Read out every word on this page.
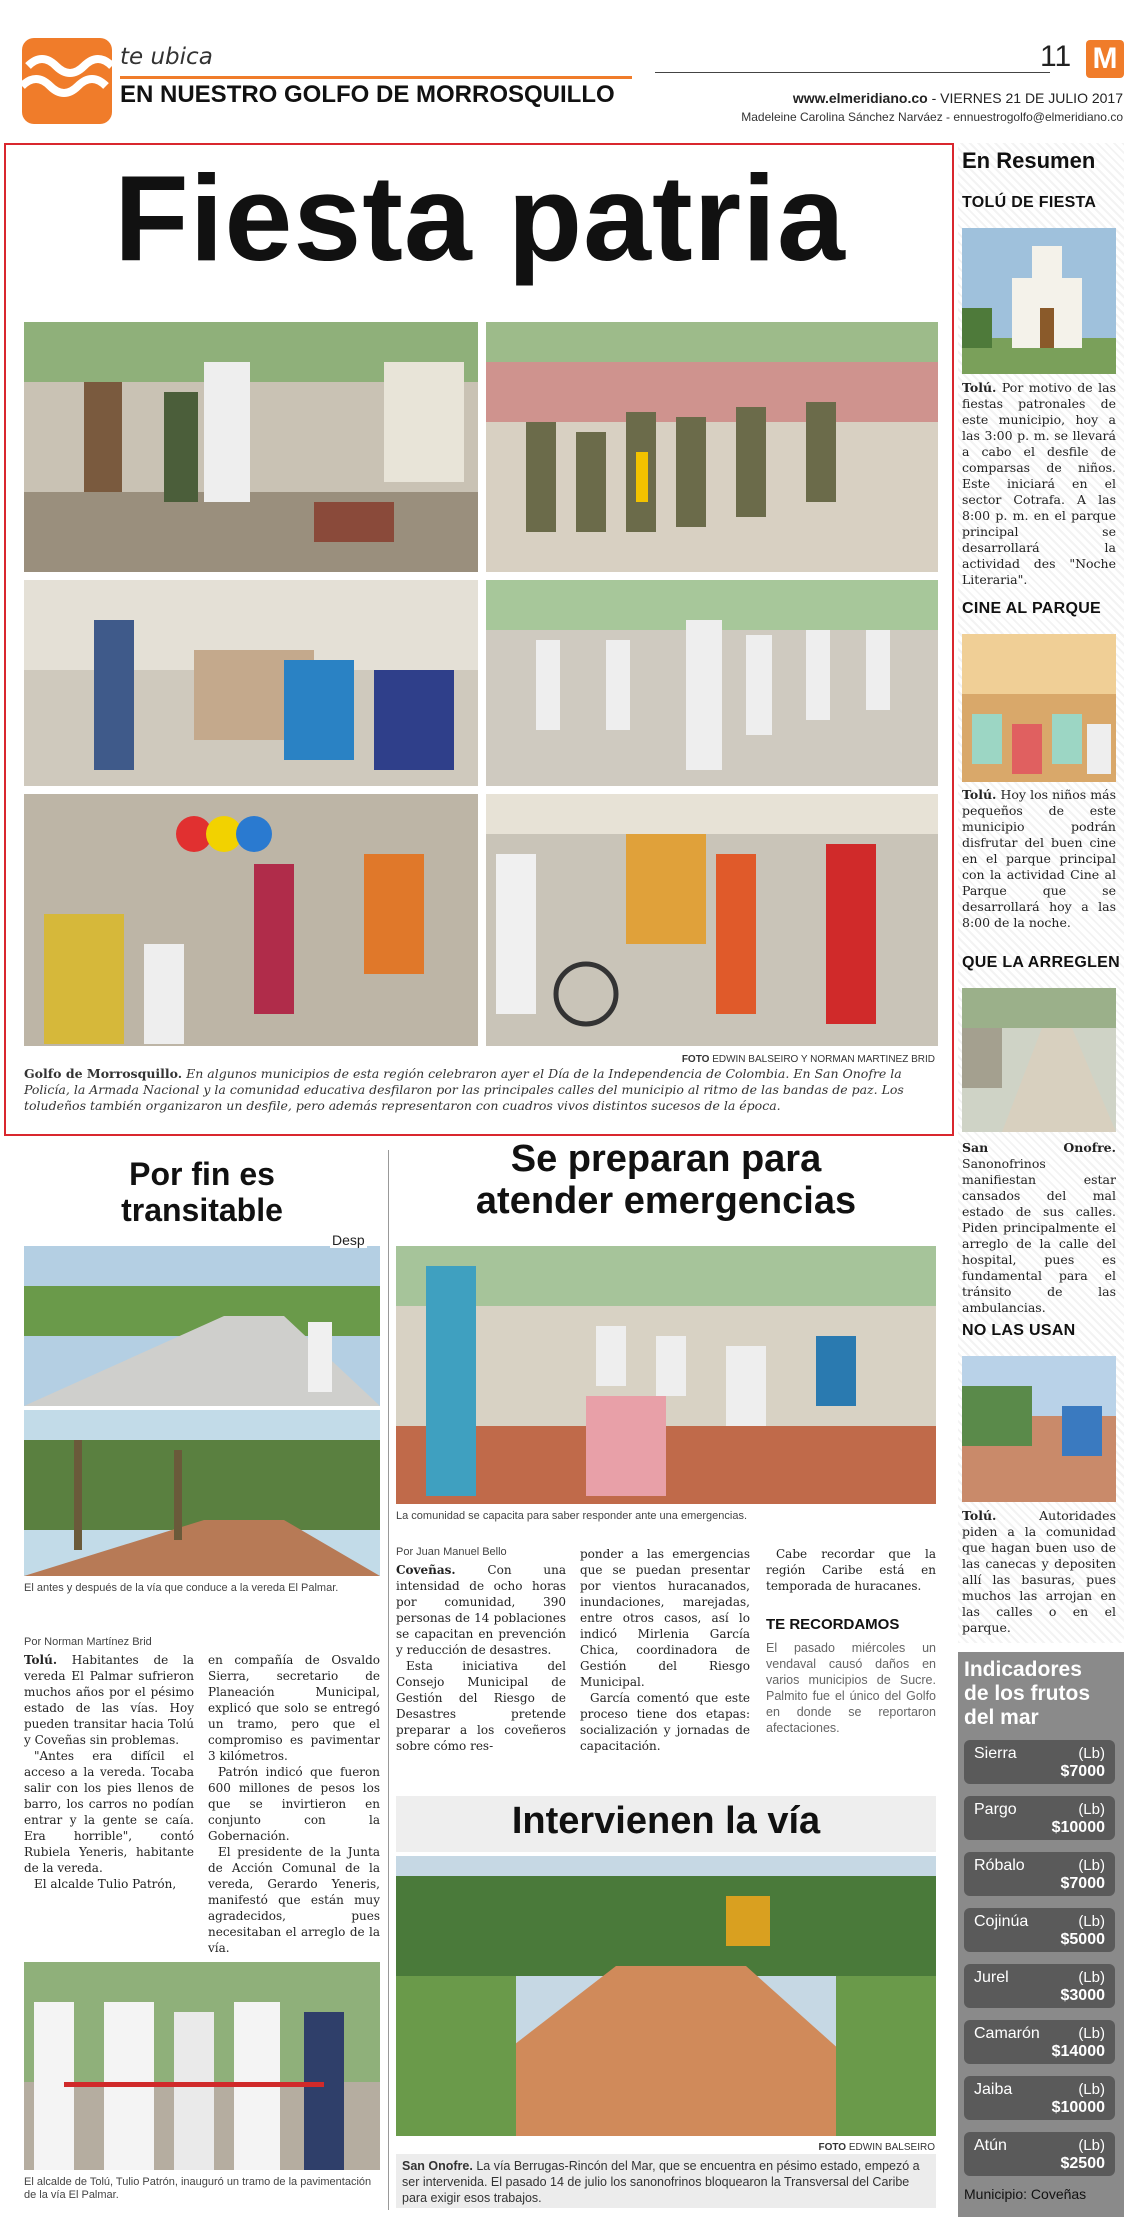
te ubica
EN NUESTRO GOLFO DE MORROSQUILLO
11 M
www.elmeridiano.co - VIERNES 21 DE JULIO 2017
Madeleine Carolina Sánchez Narváez - ennuestrogolfo@elmeridiano.co
Fiesta patria
FOTO EDWIN BALSEIRO Y NORMAN MARTINEZ BRID
Golfo de Morrosquillo. En algunos municipios de esta región celebraron ayer el Día de la Independencia de Colombia. En San Onofre la Policía, la Armada Nacional y la comunidad educativa desfilaron por las principales calles del municipio al ritmo de las bandas de paz. Los toludeños también organizaron un desfile, pero además representaron con cuadros vivos distintos sucesos de la época.
En Resumen
TOLÚ DE FIESTA
Tolú. Por motivo de las fiestas patronales de este municipio, hoy a las 3:00 p. m. se llevará a cabo el desfile de comparsas de niños. Este iniciará en el sector Cotrafa. A las 8:00 p. m. en el parque principal se desarrollará la actividad des "Noche Literaria".
CINE AL PARQUE
Tolú. Hoy los niños más pequeños de este municipio podrán disfrutar del buen cine en el parque principal con la actividad Cine al Parque que se desarrollará hoy a las 8:00 de la noche.
QUE LA ARREGLEN
San Onofre. Sanonofrinos manifiestan estar cansados del mal estado de sus calles. Piden principalmente el arreglo de la calle del hospital, pues es fundamental para el tránsito de las ambulancias.
NO LAS USAN
Tolú. Autoridades piden a la comunidad que hagan buen uso de las canecas y depositen allí las basuras, pues muchos las arrojan en las calles o en el parque.
Indicadores
de los frutos
del mar
Sierra	(Lb)
$7000
Pargo	(Lb)
$10000
Róbalo	(Lb)
$7000
Cojinúa	(Lb)
$5000
Jurel	(Lb)
$3000
Camarón	(Lb)
$14000
Jaiba	(Lb)
$10000
Atún	(Lb)
$2500
Municipio: Coveñas
Por fin es
transitable
Desp
El antes y después de la vía que conduce a la vereda El Palmar.
Por Norman Martínez Brid

Tolú. Habitantes de la vereda El Palmar sufrieron muchos años por el pésimo estado de las vías. Hoy pueden transitar hacia Tolú y Coveñas sin problemas.

"Antes era difícil el acceso a la vereda. Tocaba salir con los pies llenos de barro, los carros no podían entrar y la gente se caía. Era horrible", contó Rubiela Yeneris, habitante de la vereda.

El alcalde Tulio Patrón,

en compañía de Osvaldo Sierra, secretario de Planeación Municipal, explicó que solo se entregó un tramo, pero que el compromiso es pavimentar 3 kilómetros.

Patrón indicó que fueron 600 millones de pesos los que se invirtieron en conjunto con la Gobernación.

El presidente de la Junta de Acción Comunal de la vereda, Gerardo Yeneris, manifestó que están muy agradecidos, pues necesitaban el arreglo de la vía.

El alcalde de Tolú, Tulio Patrón, inauguró un tramo de la pavimentación de la vía El Palmar.
Se preparan para
atender emergencias
La comunidad se capacita para saber responder ante una emergencias.
Por Juan Manuel Bello

Coveñas. Con una intensidad de ocho horas por comunidad, 390 personas de 14 poblaciones se capacitan en prevención y reducción de desastres.

Esta iniciativa del Consejo Municipal de Gestión del Riesgo de Desastres pretende preparar a los coveñeros sobre cómo res-

ponder a las emergencias que se puedan presentar por vientos huracanados, inundaciones, marejadas, entre otros casos, así lo indicó Mirlenia García Chica, coordinadora de Gestión del Riesgo Municipal.

García comentó que este proceso tiene dos etapas: socialización y jornadas de capacitación.

Cabe recordar que la región Caribe está en temporada de huracanes.

TE RECORDAMOS
El pasado miércoles un vendaval causó daños en varios municipios de Sucre. Palmito fue el único del Golfo en donde se reportaron afectaciones.
Intervienen la vía
FOTO EDWIN BALSEIRO
San Onofre. La vía Berrugas-Rincón del Mar, que se encuentra en pésimo estado, empezó a ser intervenida. El pasado 14 de julio los sanonofrinos bloquearon la Transversal del Caribe para exigir esos trabajos.
